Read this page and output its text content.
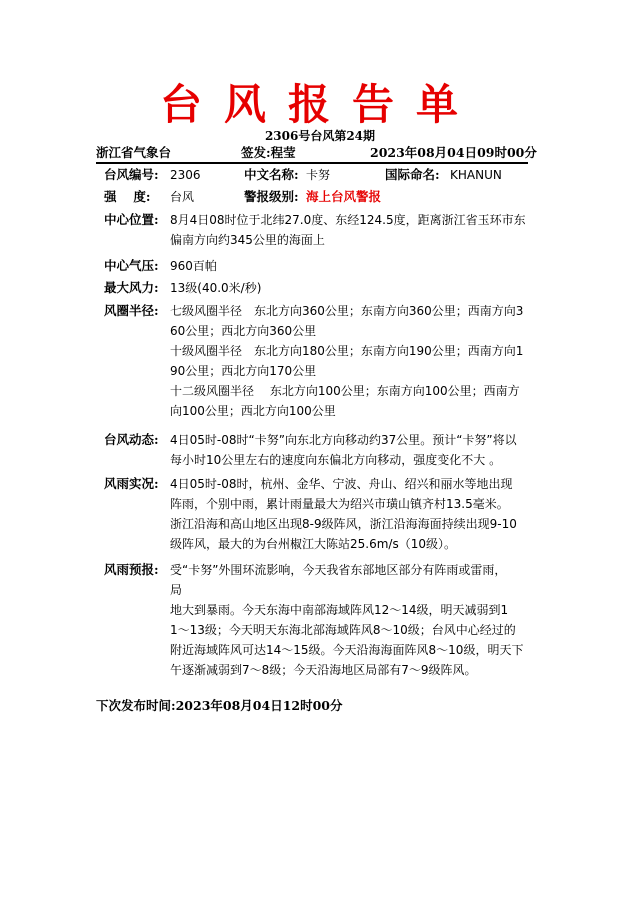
台风报告单
2306号台风第24期
浙江省气象台	签发:程莹	2023年08月04日09时00分
台风编号: 2306	中文名称: 卡努	国际命名: KHANUN
强　 度: 台风	警报级别: 海上台风警报
中心位置: 8月4日08时位于北纬27.0度、东经124.5度，距离浙江省玉环市东
偏南方向约345公里的海面上
中心气压: 960百帕
最大风力: 13级(40.0米/秒)
风圈半径: 七级风圈半径　东北方向360公里；东南方向360公里；西南方向3
60公里；西北方向360公里
十级风圈半径　东北方向180公里；东南方向190公里；西南方向1
90公里；西北方向170公里
十二级风圈半径　 东北方向100公里；东南方向100公里；西南方
向100公里；西北方向100公里
台风动态: 4日05时-08时“卡努”向东北方向移动约37公里。预计“卡努”将以
每小时10公里左右的速度向东偏北方向移动，强度变化不大 。
风雨实况: 4日05时-08时，杭州、金华、宁波、舟山、绍兴和丽水等地出现
阵雨，个别中雨，累计雨量最大为绍兴市璜山镇齐村13.5毫米。
浙江沿海和高山地区出现8-9级阵风，浙江沿海海面持续出现9-10
级阵风，最大的为台州椒江大陈站25.6m/s（10级）。
风雨预报: 受“卡努”外围环流影响，今天我省东部地区部分有阵雨或雷雨，
局
地大到暴雨。今天东海中南部海域阵风12～14级，明天减弱到1
1～13级；今天明天东海北部海域阵风8～10级；台风中心经过的
附近海域阵风可达14～15级。今天沿海海面阵风8～10级，明天下
午逐渐减弱到7～8级；今天沿海地区局部有7～9级阵风。
下次发布时间:2023年08月04日12时00分
